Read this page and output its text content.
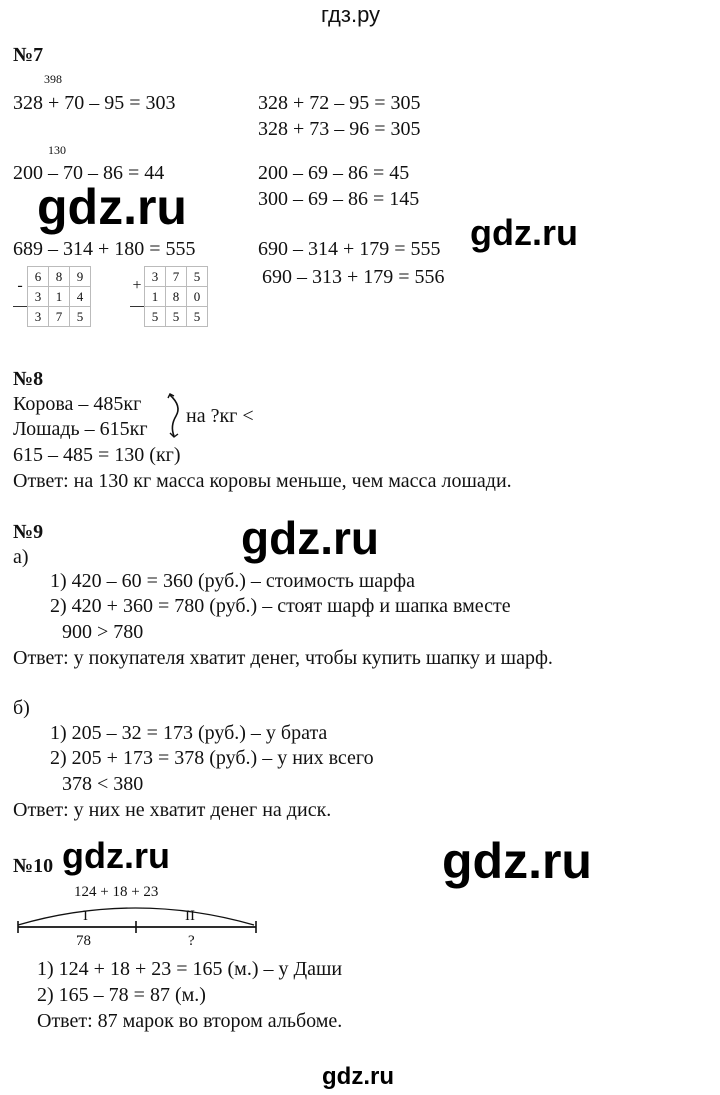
гдз.ру
№7
398
328 + 70 – 95 = 303	328 + 72 – 95 = 305
328 + 73 – 96 = 305
130
200 – 70 – 86 = 44	200 – 69 – 86 = 45
300 – 69 – 86 = 145
gdz.ru	gdz.ru
689 – 314 + 180 = 555	690 – 314 + 179 = 555
690 – 313 + 179 = 556
-	6	8	9
	3	1	4
	3	7	5
+	3	7	5
	1	8	0
	5	5	5
№8
Корова – 485кг
Лошадь – 615кг
на ?кг <
615 – 485 = 130 (кг)
Ответ: на 130 кг масса коровы меньше, чем масса лошади.
№9	gdz.ru
а)
1) 420 – 60 = 360 (руб.) – стоимость шарфа
2) 420 + 360 = 780 (руб.) – стоят шарф и шапка вместе
900 > 780
Ответ: у покупателя хватит денег, чтобы купить шапку и шарф.
б)
1) 205 – 32 = 173 (руб.) – у брата
2) 205 + 173 = 378 (руб.) – у них всего
378 < 380
Ответ: у них не хватит денег на диск.
№10 gdz.ru	gdz.ru
124 + 18 + 23
I	II
78	?
1) 124 + 18 + 23 = 165 (м.) – у Даши
2) 165 – 78 = 87 (м.)
Ответ: 87 марок во втором альбоме.
gdz.ru
